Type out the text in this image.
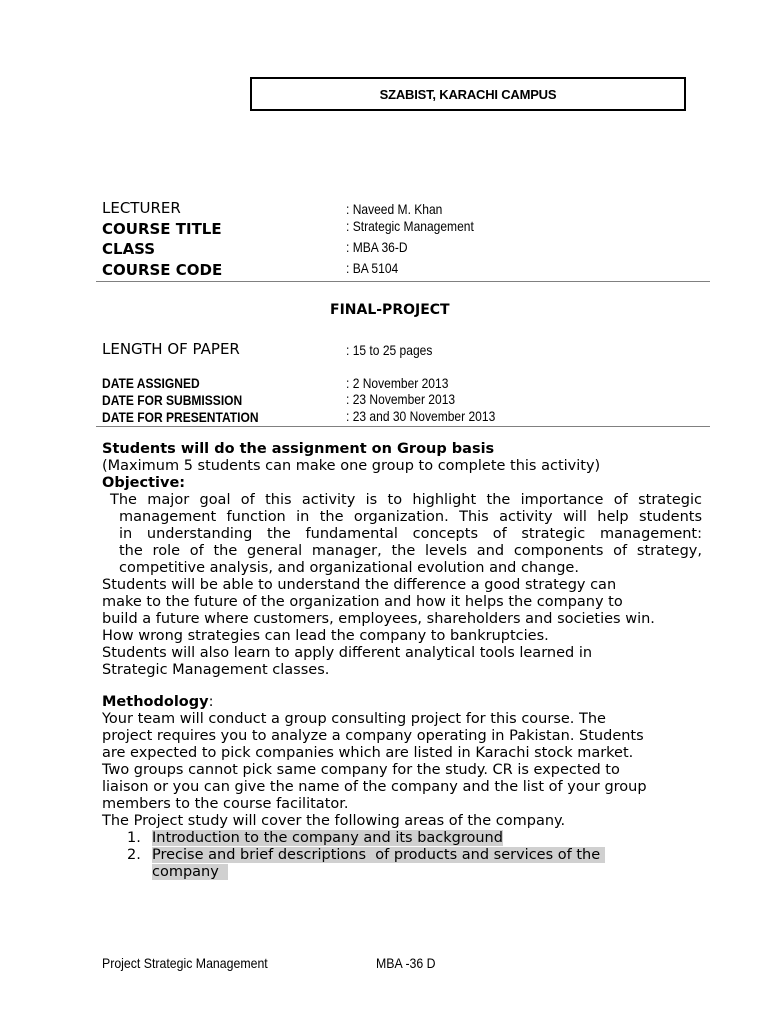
SZABIST, KARACHI CAMPUS
LECTURER	: Naveed M. Khan
COURSE TITLE	: Strategic Management
CLASS	: MBA 36-D
COURSE CODE	: BA 5104
FINAL-PROJECT
LENGTH OF PAPER	: 15 to 25 pages
DATE ASSIGNED	: 2 November 2013
DATE FOR SUBMISSION	: 23 November 2013
DATE FOR PRESENTATION	: 23 and 30 November 2013
Students will do the assignment on Group basis
(Maximum 5 students can make one group to complete this activity)
Objective:
The major goal of this activity is to highlight the importance of strategic
management function in the organization. This activity will help students
in understanding the fundamental concepts of strategic management:
the role of the general manager, the levels and components of strategy,
competitive analysis, and organizational evolution and change.
Students will be able to understand the difference a good strategy can
make to the future of the organization and how it helps the company to
build a future where customers, employees, shareholders and societies win.
How wrong strategies can lead the company to bankruptcies.
Students will also learn to apply different analytical tools learned in
Strategic Management classes.
Methodology:
Your team will conduct a group consulting project for this course. The
project requires you to analyze a company operating in Pakistan. Students
are expected to pick companies which are listed in Karachi stock market.
Two groups cannot pick same company for the study. CR is expected to
liaison or you can give the name of the company and the list of your group
members to the course facilitator.
The Project study will cover the following areas of the company.
1. Introduction to the company and its background
2. Precise and brief descriptions  of products and services of the
company
Project Strategic Management	MBA -36 D
